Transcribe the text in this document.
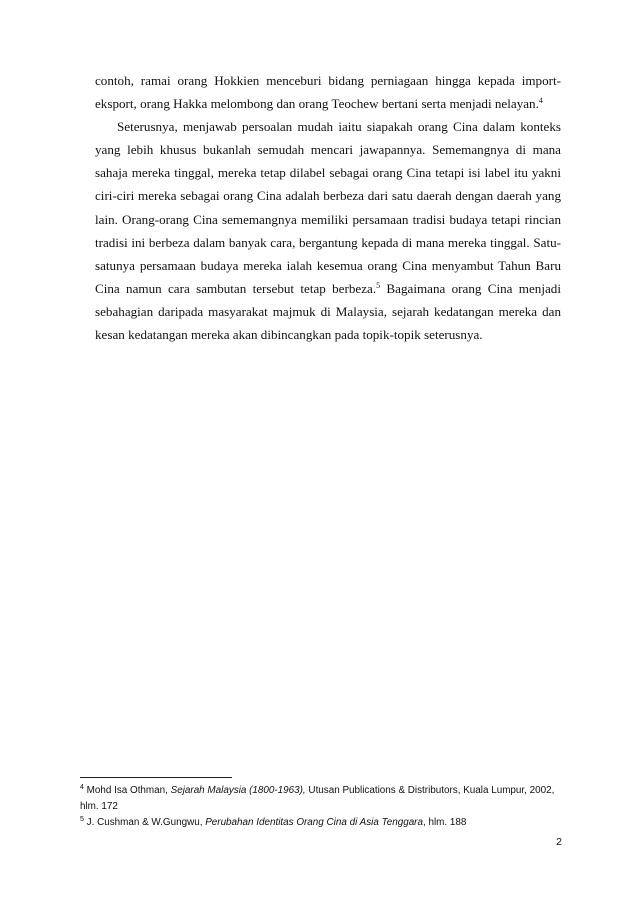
contoh, ramai orang Hokkien menceburi bidang perniagaan hingga kepada import-eksport, orang Hakka melombong dan orang Teochew bertani serta menjadi nelayan.$^4$

Seterusnya, menjawab persoalan mudah iaitu siapakah orang Cina dalam konteks yang lebih khusus bukanlah semudah mencari jawapannya. Sememangnya di mana sahaja mereka tinggal, mereka tetap dilabel sebagai orang Cina tetapi isi label itu yakni ciri-ciri mereka sebagai orang Cina adalah berbeza dari satu daerah dengan daerah yang lain. Orang-orang Cina sememangnya memiliki persamaan tradisi budaya tetapi rincian tradisi ini berbeza dalam banyak cara, bergantung kepada di mana mereka tinggal. Satu-satunya persamaan budaya mereka ialah kesemua orang Cina menyambut Tahun Baru Cina namun cara sambutan tersebut tetap berbeza.$^5$ Bagaimana orang Cina menjadi sebahagian daripada masyarakat majmuk di Malaysia, sejarah kedatangan mereka dan kesan kedatangan mereka akan dibincangkan pada topik-topik seterusnya.

$^4$ Mohd Isa Othman, Sejarah Malaysia (1800-1963), Utusan Publications & Distributors, Kuala Lumpur, 2002, hlm. 172

$^5$ J. Cushman & W.Gungwu, Perubahan Identitas Orang Cina di Asia Tenggara, hlm. 188

2
